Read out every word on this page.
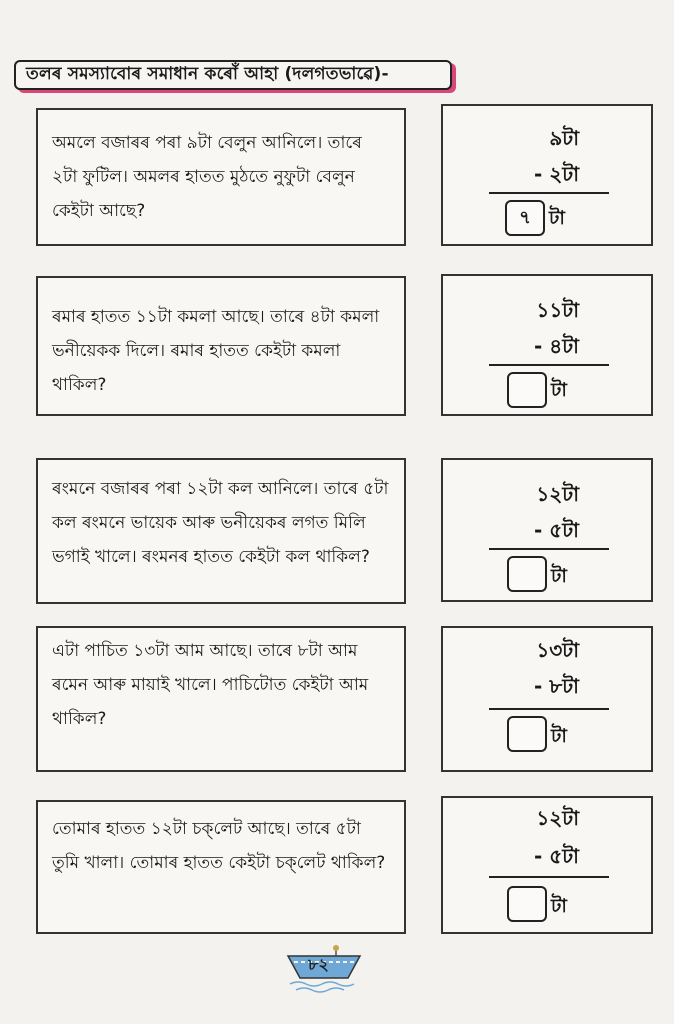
তলৰ সমস্যাবোৰ সমাধান কৰোঁ আহা (দলগতভাৱে)-
অমলে বজাৰৰ পৰা ৯টা বেলুন আনিলে। তাৰে ২টা ফুটিল। অমলৰ হাতত মুঠতে নুফুটা বেলুন কেইটা আছে?
৯টা
- ২টা
৭ টা
ৰমাৰ হাতত ১১টা কমলা আছে। তাৰে ৪টা কমলা ভনীয়েকক দিলে। ৰমাৰ হাতত কেইটা কমলা থাকিল?
১১টা
- ৪টা
টা
ৰংমনে বজাৰৰ পৰা ১২টা কল আনিলে। তাৰে ৫টা কল ৰংমনে ভায়েক আৰু ভনীয়েকৰ লগত মিলি ভগাই খালে। ৰংমনৰ হাতত কেইটা কল থাকিল?
১২টা
- ৫টা
টা
এটা পাচিত ১৩টা আম আছে। তাৰে ৮টা আম ৰমেন আৰু মায়াই খালে। পাচিটোত কেইটা আম থাকিল?
১৩টা
- ৮টা
টা
তোমাৰ হাতত ১২টা চক্‌লেট আছে। তাৰে ৫টা তুমি খালা। তোমাৰ হাতত কেইটা চক্‌লেট থাকিল?
১২টা
- ৫টা
টা
৮২
